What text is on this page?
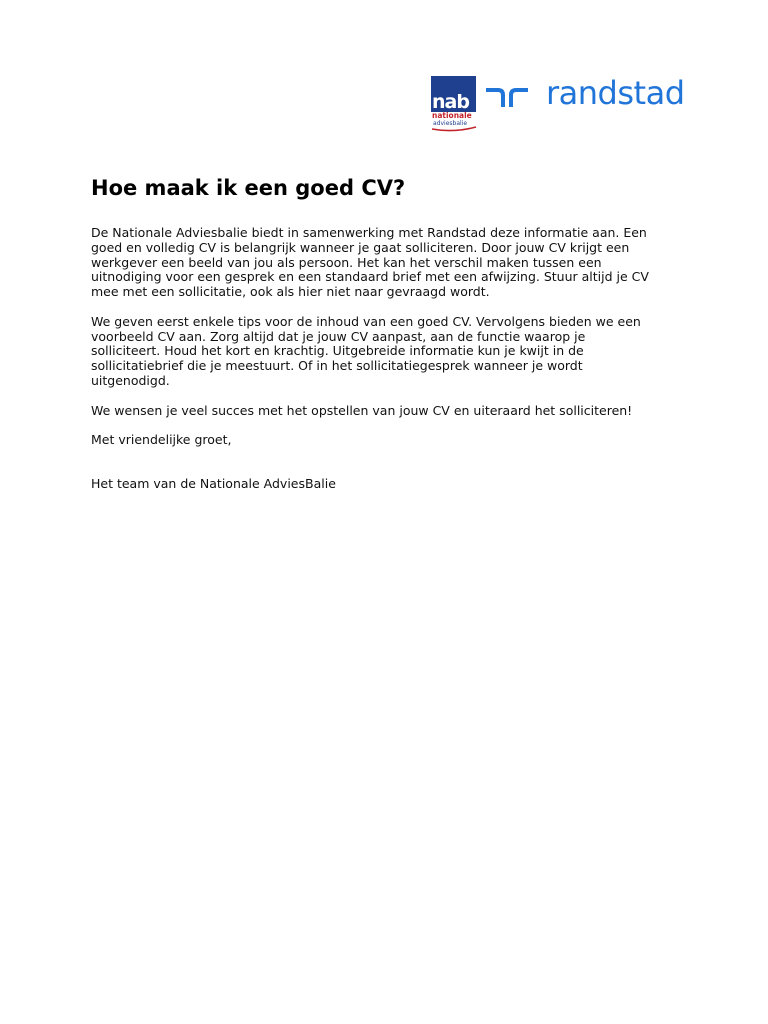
nab
nationale
adviesbalie
randstad
Hoe maak ik een goed CV?
De Nationale Adviesbalie biedt in samenwerking met Randstad deze informatie aan. Een
goed en volledig CV is belangrijk wanneer je gaat solliciteren. Door jouw CV krijgt een
werkgever een beeld van jou als persoon. Het kan het verschil maken tussen een
uitnodiging voor een gesprek en een standaard brief met een afwijzing. Stuur altijd je CV
mee met een sollicitatie, ook als hier niet naar gevraagd wordt.
We geven eerst enkele tips voor de inhoud van een goed CV. Vervolgens bieden we een
voorbeeld CV aan. Zorg altijd dat je jouw CV aanpast, aan de functie waarop je
solliciteert. Houd het kort en krachtig. Uitgebreide informatie kun je kwijt in de
sollicitatiebrief die je meestuurt. Of in het sollicitatiegesprek wanneer je wordt
uitgenodigd.
We wensen je veel succes met het opstellen van jouw CV en uiteraard het solliciteren!

Met vriendelijke groet,

Het team van de Nationale AdviesBalie
